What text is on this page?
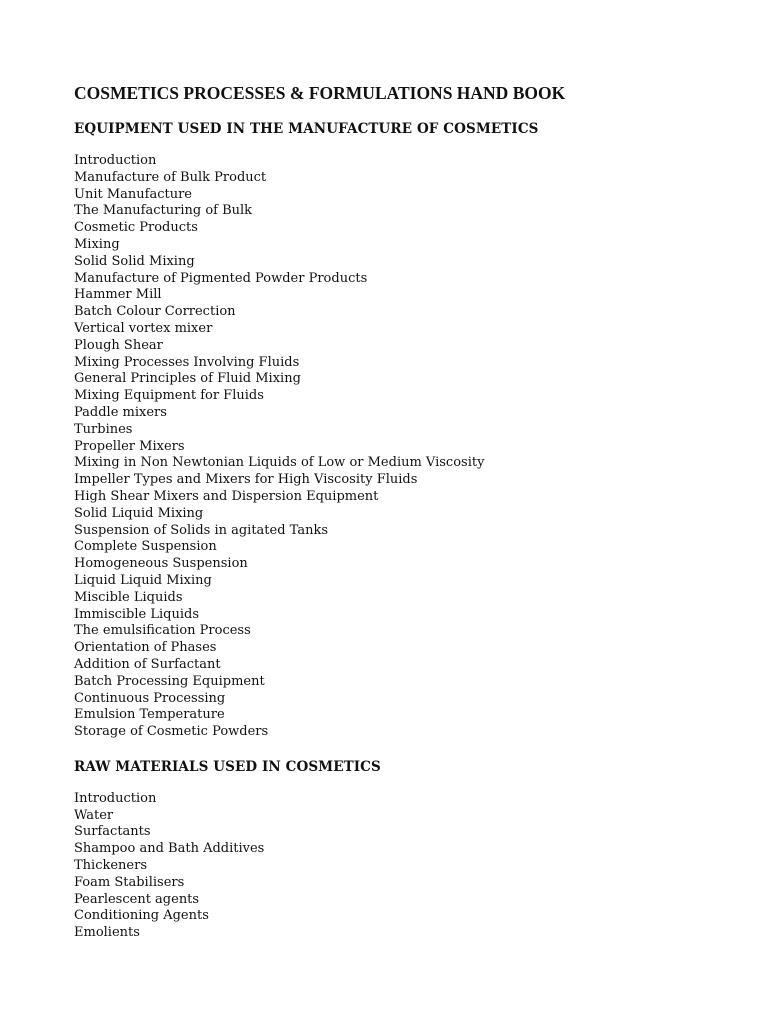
COSMETICS PROCESSES & FORMULATIONS HAND BOOK
EQUIPMENT USED IN THE MANUFACTURE OF COSMETICS
Introduction
Manufacture of Bulk Product
Unit Manufacture
The Manufacturing of Bulk
Cosmetic Products
Mixing
Solid Solid Mixing
Manufacture of Pigmented Powder Products
Hammer Mill
Batch Colour Correction
Vertical vortex mixer
Plough Shear
Mixing Processes Involving Fluids
General Principles of Fluid Mixing
Mixing Equipment for Fluids
Paddle mixers
Turbines
Propeller Mixers
Mixing in Non Newtonian Liquids of Low or Medium Viscosity
Impeller Types and Mixers for High Viscosity Fluids
High Shear Mixers and Dispersion Equipment
Solid Liquid Mixing
Suspension of Solids in agitated Tanks
Complete Suspension
Homogeneous Suspension
Liquid Liquid Mixing
Miscible Liquids
Immiscible Liquids
The emulsification Process
Orientation of Phases
Addition of Surfactant
Batch Processing Equipment
Continuous Processing
Emulsion Temperature
Storage of Cosmetic Powders
RAW MATERIALS USED IN COSMETICS
Introduction
Water
Surfactants
Shampoo and Bath Additives
Thickeners
Foam Stabilisers
Pearlescent agents
Conditioning Agents
Emolients
